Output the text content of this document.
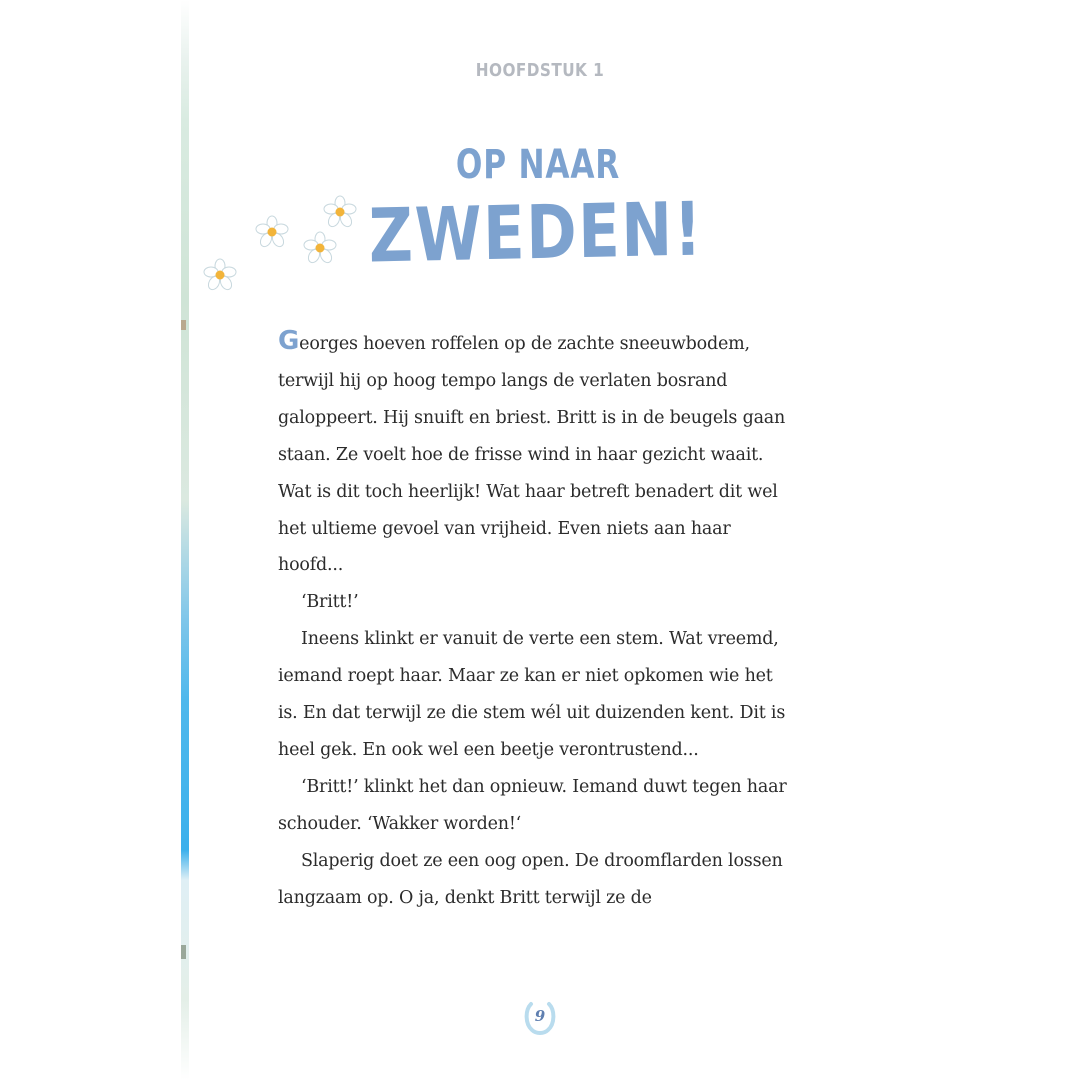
HOOFDSTUK 1
OP NAAR
ZWEDEN!

Georges hoeven roffelen op de zachte sneeuwbodem, terwijl hij op hoog tempo langs de verlaten bosrand galoppeert. Hij snuift en briest. Britt is in de beugels gaan staan. Ze voelt hoe de frisse wind in haar gezicht waait. Wat is dit toch heerlijk! Wat haar betreft benadert dit wel het ultieme gevoel van vrijheid. Even niets aan haar hoofd...

‘Britt!’

Ineens klinkt er vanuit de verte een stem. Wat vreemd, iemand roept haar. Maar ze kan er niet opkomen wie het is. En dat terwijl ze die stem wél uit duizenden kent. Dit is heel gek. En ook wel een beetje verontrustend...

‘Britt!’ klinkt het dan opnieuw. Iemand duwt tegen haar schouder. ‘Wakker worden!‘

Slaperig doet ze een oog open. De droomflarden lossen langzaam op. O ja, denkt Britt terwijl ze de

9
